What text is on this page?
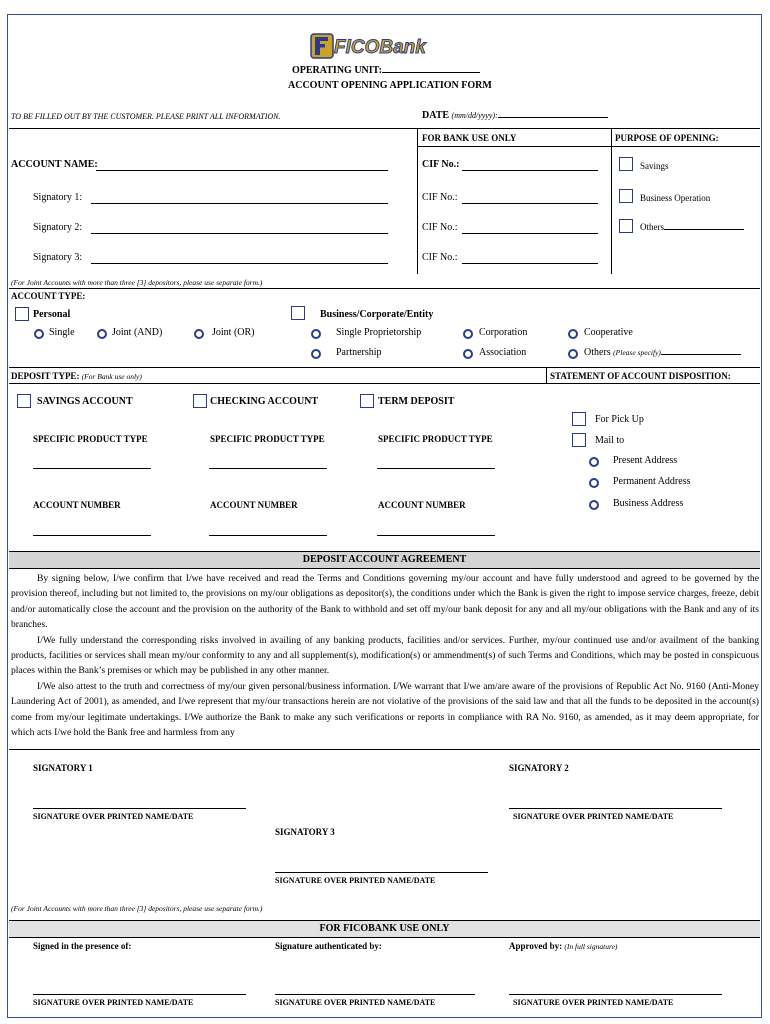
FICOBank
OPERATING UNIT:
ACCOUNT OPENING APPLICATION FORM
TO BE FILLED OUT BY THE CUSTOMER. PLEASE PRINT ALL INFORMATION.	DATE (mm/dd/yyyy):
FOR BANK USE ONLY	PURPOSE OF OPENING:
ACCOUNT NAME:
Signatory 1:
Signatory 2:
Signatory 3:
CIF No.:
CIF No.:
CIF No.:
CIF No.:
Savings
Business Operation
Others
(For Joint Accounts with more than three [3] depositors, please use separate form.)
ACCOUNT TYPE:
Personal
Single	Joint (AND)	Joint (OR)
Business/Corporate/Entity
Single Proprietorship	Corporation	Cooperative
Partnership	Association	Others (Please specify)
DEPOSIT TYPE: (For Bank use only)	STATEMENT OF ACCOUNT DISPOSITION:
SAVINGS ACCOUNT	CHECKING ACCOUNT	TERM DEPOSIT
SPECIFIC PRODUCT TYPE	SPECIFIC PRODUCT TYPE	SPECIFIC PRODUCT TYPE
ACCOUNT NUMBER	ACCOUNT NUMBER	ACCOUNT NUMBER
For Pick Up
Mail to
Present Address
Permanent Address
Business Address
DEPOSIT ACCOUNT AGREEMENT

By signing below, I/we confirm that I/we have received and read the Terms and Conditions governing my/our account and have fully understood and agreed to be governed by the provision thereof, including but not limited to, the provisions on my/our obligations as depositor(s), the conditions under which the Bank is given the right to impose service charges, freeze, debit and/or automatically close the account and the provision on the authority of the Bank to withhold and set off my/our bank deposit for any and all my/our obligations with the Bank and any of its branches.

I/We fully understand the corresponding risks involved in availing of any banking products, facilities and/or services. Further, my/our continued use and/or availment of the banking products, facilities or services shall mean my/our conformity to any and all supplement(s), modification(s) or ammendment(s) of such Terms and Conditions, which may be posted in conspicuous places within the Bank’s premises or which may be published in any other manner.

I/We also attest to the truth and correctness of my/our given personal/business information. I/We warrant that I/we am/are aware of the provisions of Republic Act No. 9160 (Anti-Money Laundering Act of 2001), as amended, and I/we represent that my/our transactions herein are not violative of the provisions of the said law and that all the funds to be deposited in the account(s) come from my/our legitimate undertakings. I/We authorize the Bank to make any such verifications or reports in compliance with RA No. 9160, as amended, as it may deem appropriate, for which acts I/we hold the Bank free and harmless from any

SIGNATORY 1	SIGNATORY 2
SIGNATURE OVER PRINTED NAME/DATE	SIGNATURE OVER PRINTED NAME/DATE
SIGNATORY 3
SIGNATURE OVER PRINTED NAME/DATE
(For Joint Accounts with more than three [3] depositors, please use separate form.)
FOR FICOBANK USE ONLY
Signed in the presence of:	Signature authenticated by:	Approved by: (In full signature)
SIGNATURE OVER PRINTED NAME/DATE	SIGNATURE OVER PRINTED NAME/DATE	SIGNATURE OVER PRINTED NAME/DATE
